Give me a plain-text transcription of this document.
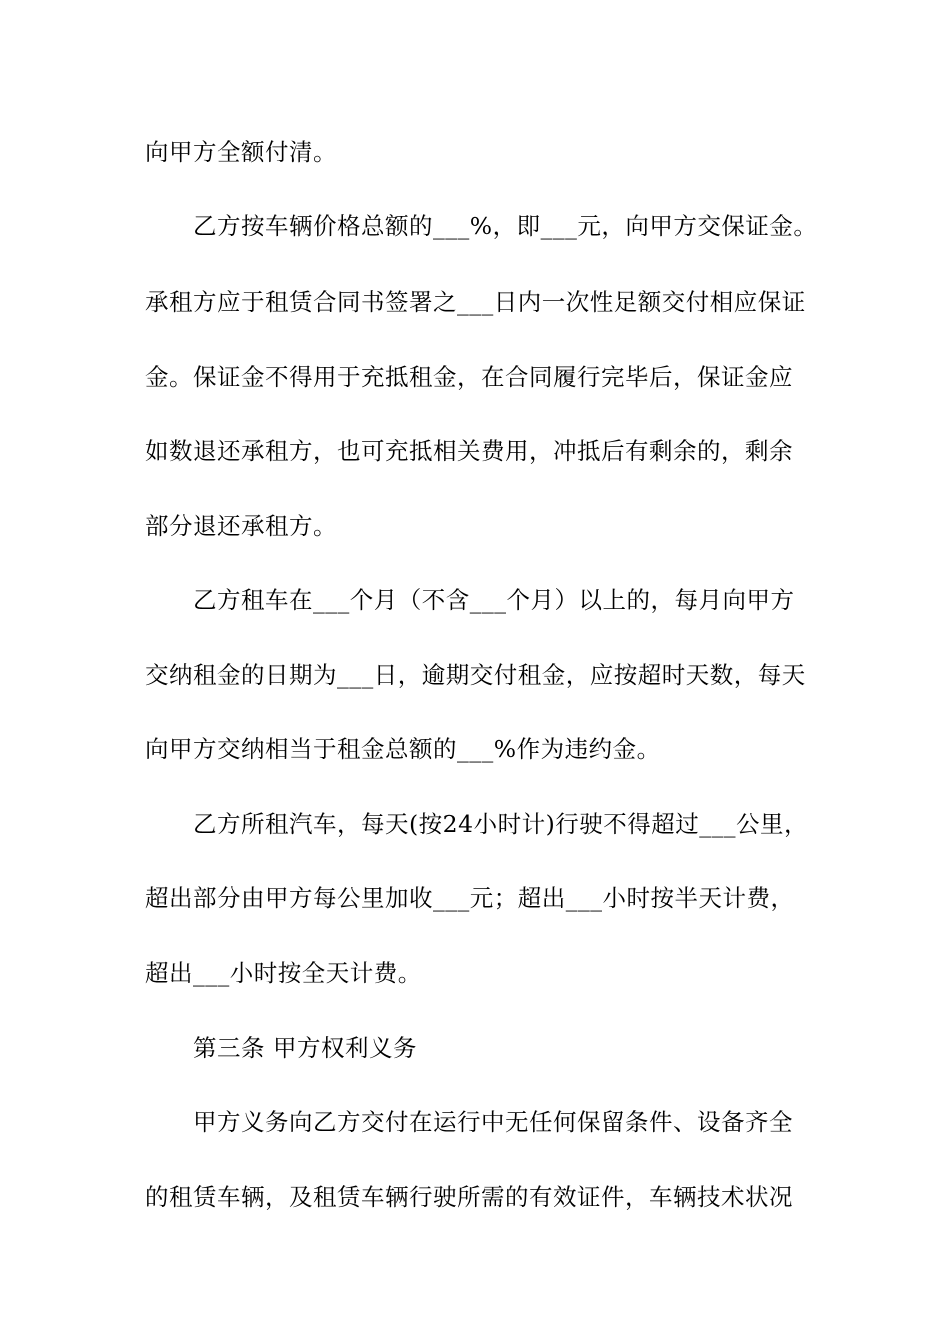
向甲方全额付清。
乙方按车辆价格总额的___%，即___元，向甲方交保证金。
承租方应于租赁合同书签署之___日内一次性足额交付相应保证
金。保证金不得用于充抵租金，在合同履行完毕后，保证金应
如数退还承租方，也可充抵相关费用，冲抵后有剩余的，剩余
部分退还承租方。
乙方租车在___个月（不含___个月）以上的，每月向甲方
交纳租金的日期为___日，逾期交付租金，应按超时天数，每天
向甲方交纳相当于租金总额的___%作为违约金。
乙方所租汽车，每天(按24小时计)行驶不得超过___公里，
超出部分由甲方每公里加收___元；超出___小时按半天计费，
超出___小时按全天计费。
第三条 甲方权利义务
甲方义务向乙方交付在运行中无任何保留条件、设备齐全
的租赁车辆，及租赁车辆行驶所需的有效证件，车辆技术状况
